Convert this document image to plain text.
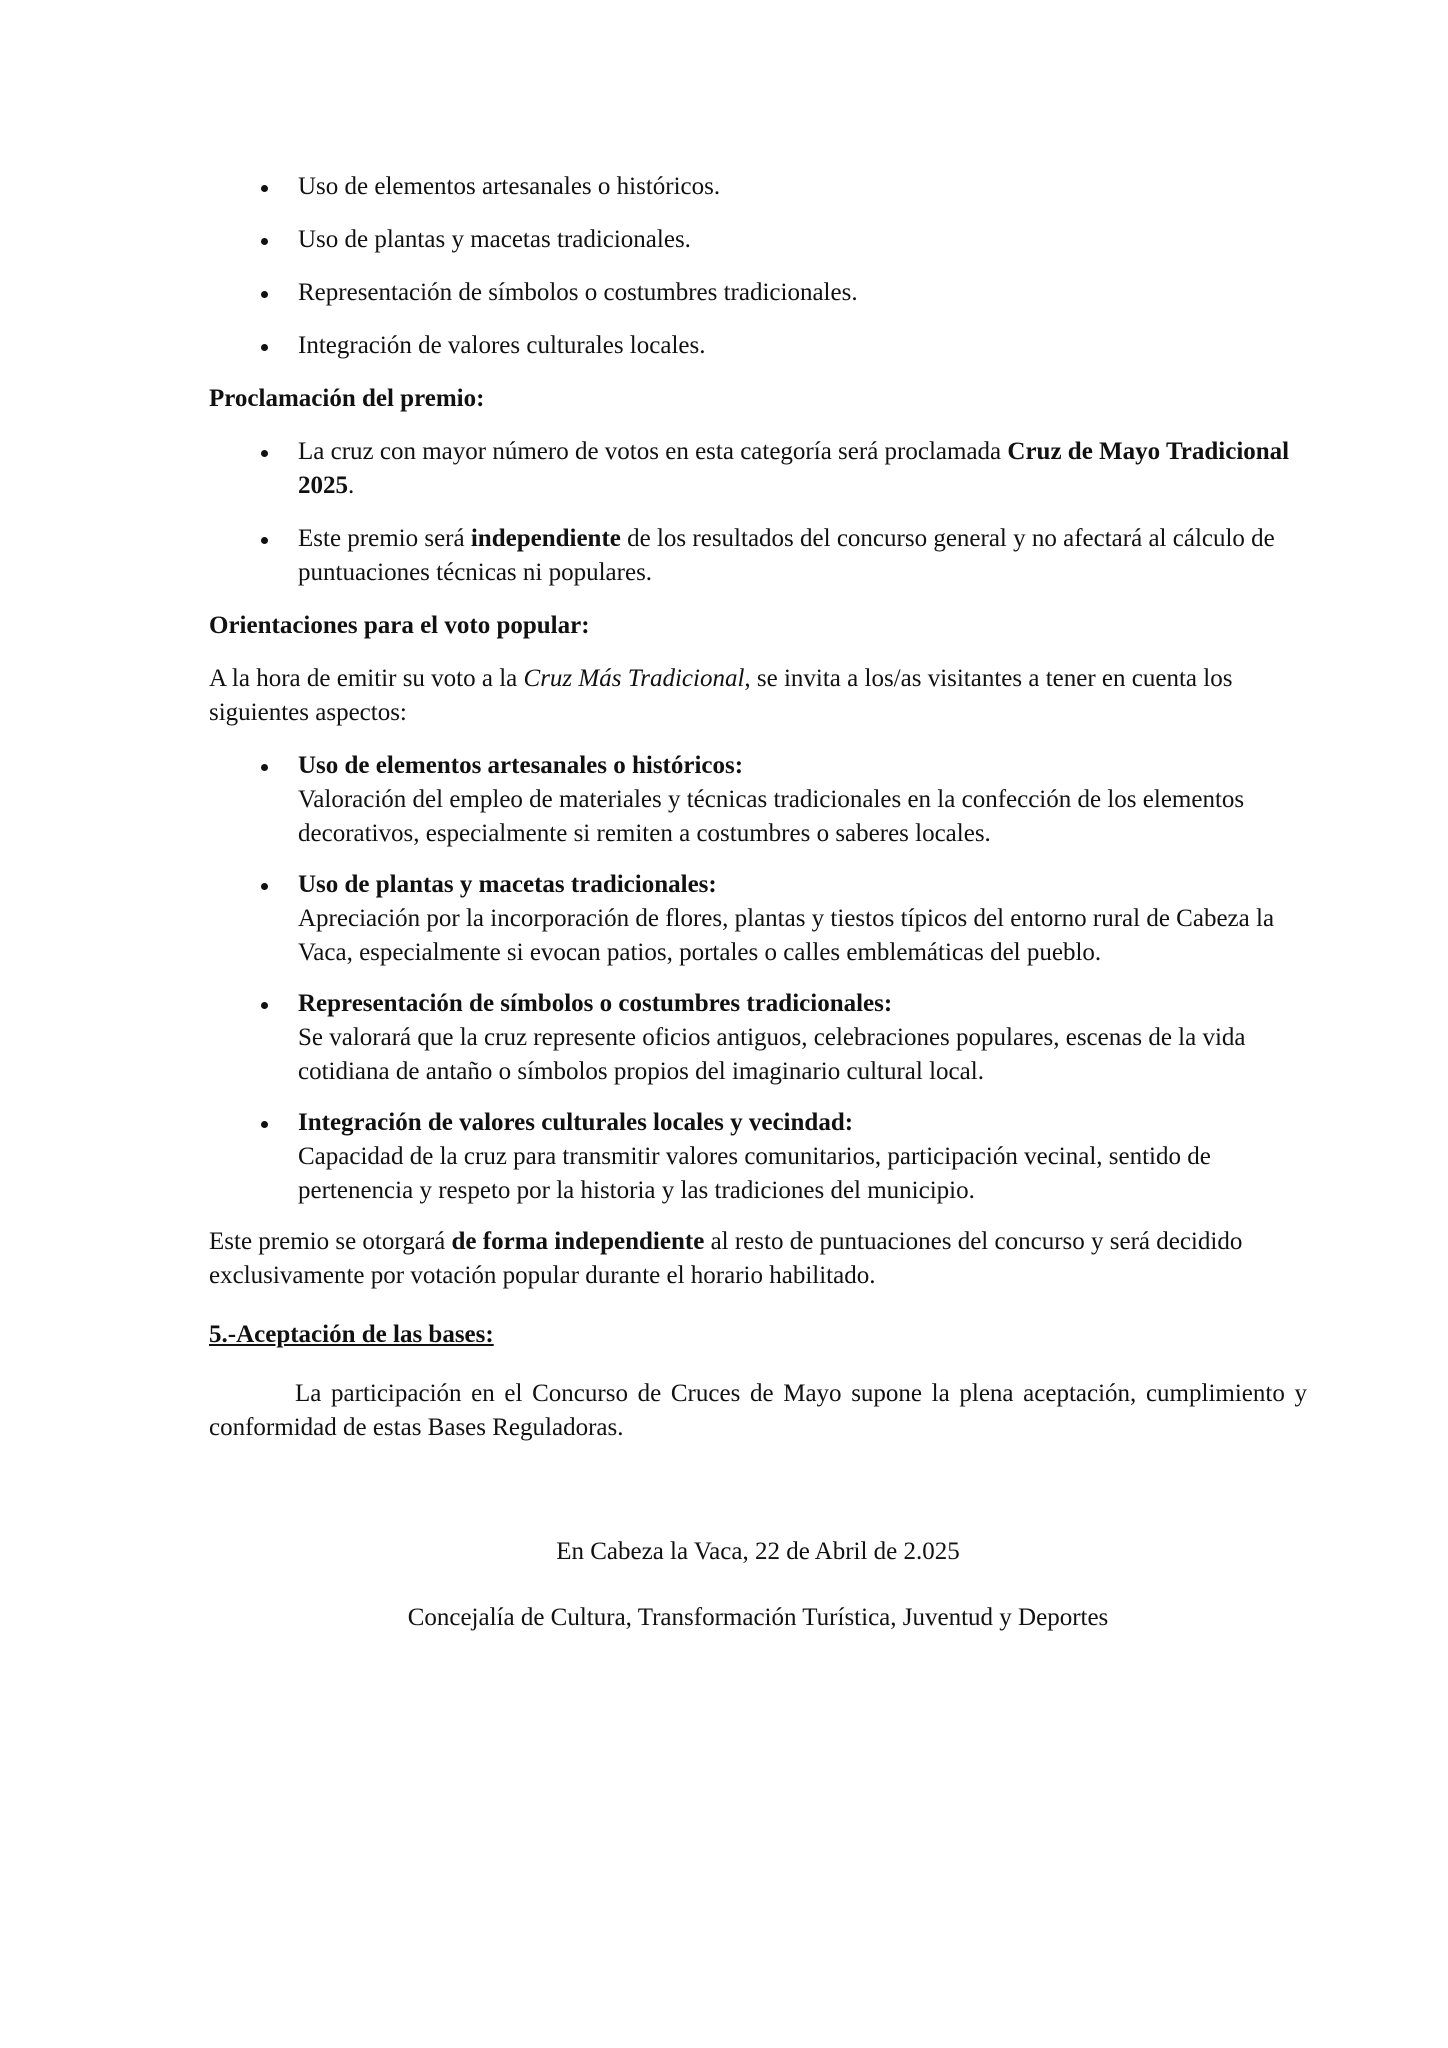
Uso de elementos artesanales o históricos.
Uso de plantas y macetas tradicionales.
Representación de símbolos o costumbres tradicionales.
Integración de valores culturales locales.

Proclamación del premio:

La cruz con mayor número de votos en esta categoría será proclamada Cruz de Mayo Tradicional 2025.
Este premio será independiente de los resultados del concurso general y no afectará al cálculo de puntuaciones técnicas ni populares.

Orientaciones para el voto popular:

A la hora de emitir su voto a la Cruz Más Tradicional, se invita a los/as visitantes a tener en cuenta los siguientes aspectos:

Uso de elementos artesanales o históricos:
Valoración del empleo de materiales y técnicas tradicionales en la confección de los elementos decorativos, especialmente si remiten a costumbres o saberes locales.
Uso de plantas y macetas tradicionales:
Apreciación por la incorporación de flores, plantas y tiestos típicos del entorno rural de Cabeza la Vaca, especialmente si evocan patios, portales o calles emblemáticas del pueblo.
Representación de símbolos o costumbres tradicionales:
Se valorará que la cruz represente oficios antiguos, celebraciones populares, escenas de la vida cotidiana de antaño o símbolos propios del imaginario cultural local.
Integración de valores culturales locales y vecindad:
Capacidad de la cruz para transmitir valores comunitarios, participación vecinal, sentido de pertenencia y respeto por la historia y las tradiciones del municipio.

Este premio se otorgará de forma independiente al resto de puntuaciones del concurso y será decidido exclusivamente por votación popular durante el horario habilitado.

5.-Aceptación de las bases:

La participación en el Concurso de Cruces de Mayo supone la plena aceptación, cumplimiento y conformidad de estas Bases Reguladoras.

En Cabeza la Vaca, 22 de Abril de 2.025

Concejalía de Cultura, Transformación Turística, Juventud y Deportes
